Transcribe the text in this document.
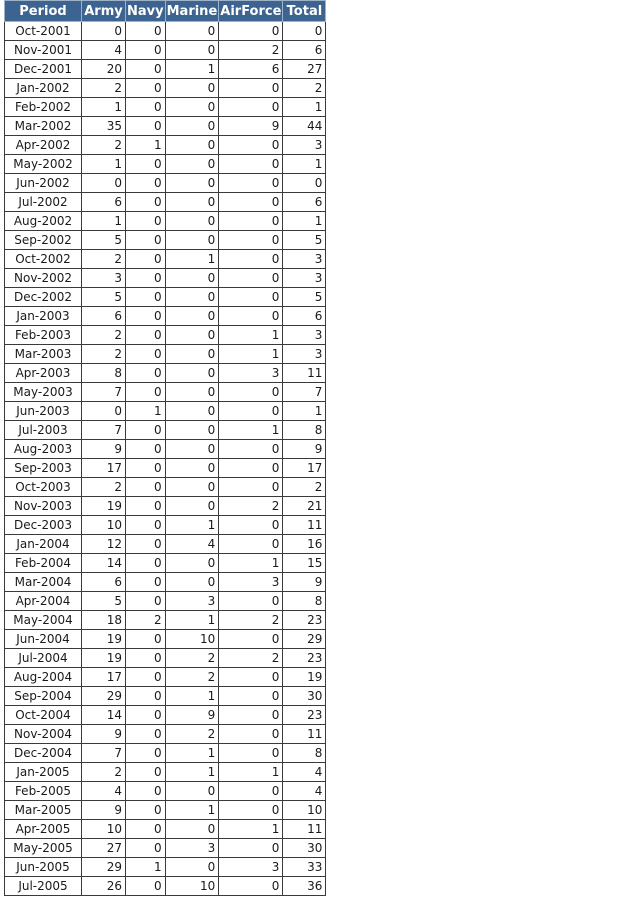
Period	Army	Navy	Marine	AirForce	Total
Oct-2001	0	0	0	0	0
Nov-2001	4	0	0	2	6
Dec-2001	20	0	1	6	27
Jan-2002	2	0	0	0	2
Feb-2002	1	0	0	0	1
Mar-2002	35	0	0	9	44
Apr-2002	2	1	0	0	3
May-2002	1	0	0	0	1
Jun-2002	0	0	0	0	0
Jul-2002	6	0	0	0	6
Aug-2002	1	0	0	0	1
Sep-2002	5	0	0	0	5
Oct-2002	2	0	1	0	3
Nov-2002	3	0	0	0	3
Dec-2002	5	0	0	0	5
Jan-2003	6	0	0	0	6
Feb-2003	2	0	0	1	3
Mar-2003	2	0	0	1	3
Apr-2003	8	0	0	3	11
May-2003	7	0	0	0	7
Jun-2003	0	1	0	0	1
Jul-2003	7	0	0	1	8
Aug-2003	9	0	0	0	9
Sep-2003	17	0	0	0	17
Oct-2003	2	0	0	0	2
Nov-2003	19	0	0	2	21
Dec-2003	10	0	1	0	11
Jan-2004	12	0	4	0	16
Feb-2004	14	0	0	1	15
Mar-2004	6	0	0	3	9
Apr-2004	5	0	3	0	8
May-2004	18	2	1	2	23
Jun-2004	19	0	10	0	29
Jul-2004	19	0	2	2	23
Aug-2004	17	0	2	0	19
Sep-2004	29	0	1	0	30
Oct-2004	14	0	9	0	23
Nov-2004	9	0	2	0	11
Dec-2004	7	0	1	0	8
Jan-2005	2	0	1	1	4
Feb-2005	4	0	0	0	4
Mar-2005	9	0	1	0	10
Apr-2005	10	0	0	1	11
May-2005	27	0	3	0	30
Jun-2005	29	1	0	3	33
Jul-2005	26	0	10	0	36
